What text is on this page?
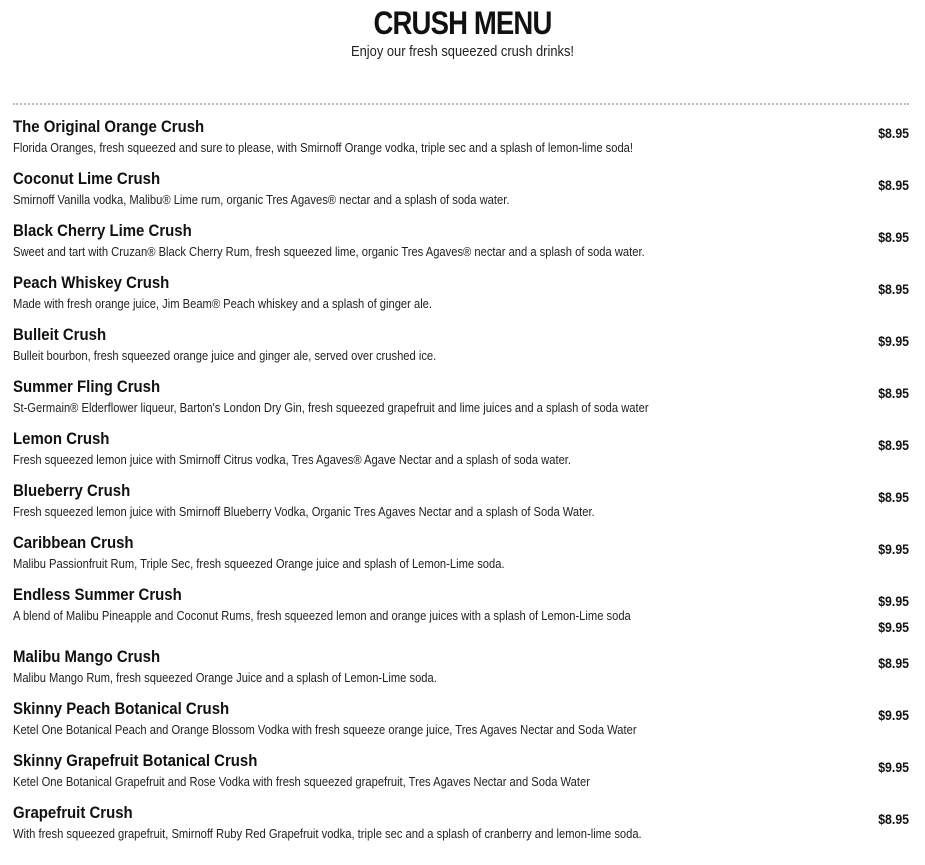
CRUSH MENU

Enjoy our fresh squeezed crush drinks!

The Original Orange Crush
Florida Oranges, fresh squeezed and sure to please, with Smirnoff Orange vodka, triple sec and a splash of lemon-lime soda!
$8.95
Coconut Lime Crush
Smirnoff Vanilla vodka, Malibu® Lime rum, organic Tres Agaves® nectar and a splash of soda water.
$8.95
Black Cherry Lime Crush
Sweet and tart with Cruzan® Black Cherry Rum, fresh squeezed lime, organic Tres Agaves® nectar and a splash of soda water.
$8.95
Peach Whiskey Crush
Made with fresh orange juice, Jim Beam® Peach whiskey and a splash of ginger ale.
$8.95
Bulleit Crush
Bulleit bourbon, fresh squeezed orange juice and ginger ale, served over crushed ice.
$9.95
Summer Fling Crush
St-Germain® Elderflower liqueur, Barton's London Dry Gin, fresh squeezed grapefruit and lime juices and a splash of soda water
$8.95
Lemon Crush
Fresh squeezed lemon juice with Smirnoff Citrus vodka, Tres Agaves® Agave Nectar and a splash of soda water.
$8.95
Blueberry Crush
Fresh squeezed lemon juice with Smirnoff Blueberry Vodka, Organic Tres Agaves Nectar and a splash of Soda Water.
$8.95
Caribbean Crush
Malibu Passionfruit Rum, Triple Sec, fresh squeezed Orange juice and splash of Lemon-Lime soda.
$9.95
Endless Summer Crush
A blend of Malibu Pineapple and Coconut Rums, fresh squeezed lemon and orange juices with a splash of Lemon-Lime soda
$9.95
$9.95
Malibu Mango Crush
Malibu Mango Rum, fresh squeezed Orange Juice and a splash of Lemon-Lime soda.
$8.95
Skinny Peach Botanical Crush
Ketel One Botanical Peach and Orange Blossom Vodka with fresh squeeze orange juice, Tres Agaves Nectar and Soda Water
$9.95
Skinny Grapefruit Botanical Crush
Ketel One Botanical Grapefruit and Rose Vodka with fresh squeezed grapefruit, Tres Agaves Nectar and Soda Water
$9.95
Grapefruit Crush
With fresh squeezed grapefruit, Smirnoff Ruby Red Grapefruit vodka, triple sec and a splash of cranberry and lemon-lime soda.
$8.95
